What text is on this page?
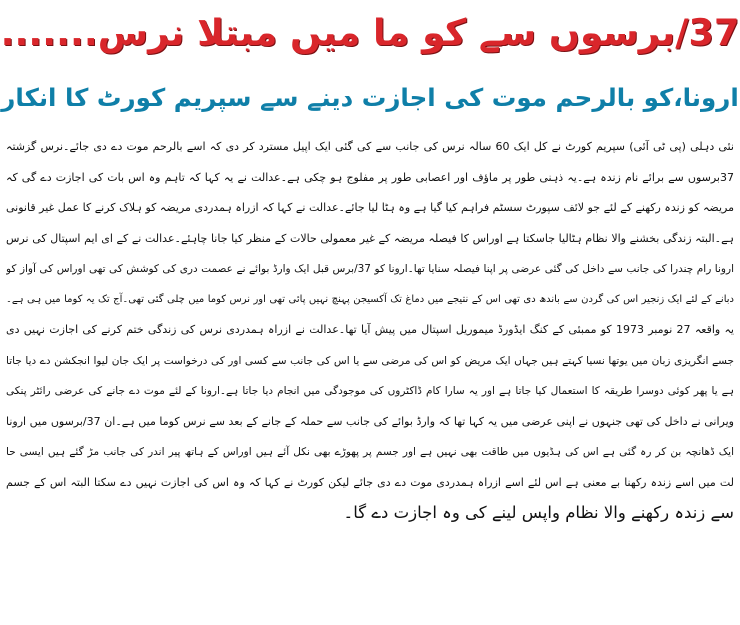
37/برسوں سے کو ما میں مبتلا نرس.......
ارونا،کو بالرحم موت کی اجازت دینے سے سپریم کورٹ کا انکار
نئی دہلی (پی ٹی آئی) سپریم کورٹ نے کل ایک 60 سالہ نرس کی جانب سے کی گئی ایک اپیل مسترد کر دی کہ اسے بالرحم موت دے دی جائے۔نرس گزشتہ
37برسوں سے برائے نام زندہ ہے۔یہ ذہنی طور پر ماؤف اور اعصابی طور پر مفلوج ہو چکی ہے۔عدالت نے یہ کہا کہ تاہم وہ اس بات کی اجازت دے گی کہ
مریضہ کو زندہ رکھنے کے لئے جو لائف سپورٹ سسٹم فراہم کیا گیا ہے وہ ہٹا لیا جائے۔عدالت نے کہا کہ ازراہ ہمدردی مریضہ کو ہلاک کرنے کا عمل غیر قانونی
ہے۔البتہ زندگی بخشنے والا نظام ہٹالیا جاسکتا ہے اوراس کا فیصلہ مریضہ کے غیر معمولی حالات کے منظر کیا جانا چاہئے۔عدالت نے کے ای ایم اسپتال کی نرس
ارونا رام چندرا کی جانب سے داخل کی گئی عرضی پر اپنا فیصلہ سنایا تھا۔ارونا کو 37/برس قبل ایک وارڈ بوائے نے عصمت دری کی کوشش کی تھی اوراس کی آواز کو
دبانے کے لئے ایک زنجیر اس کی گردن سے باندھ دی تھی اس کے نتیجے میں دماغ تک آکسیجن پہنچ نہیں پائی تھی اور نرس کوما میں چلی گئی تھی۔آج تک یہ کوما میں ہی ہے۔
یہ واقعہ 27 نومبر 1973 کو ممبئی کے کنگ ایڈورڈ میموریل اسپتال میں پیش آیا تھا۔عدالت نے ازراہ ہمدردی نرس کی زندگی ختم کرنے کی اجازت نہیں دی
جسے انگریزی زبان میں یوتھا نسیا کہتے ہیں جہاں ایک مریض کو اس کی مرضی سے یا اس کی جانب سے کسی اور کی درخواست پر ایک جان لیوا انجکشن دے دیا جاتا
ہے یا پھر کوئی دوسرا طریقہ کا استعمال کیا جاتا ہے اور یہ سارا کام ڈاکٹروں کی موجودگی میں انجام دیا جاتا ہے۔ارونا کے لئے موت دے جانے کی عرضی رائٹر پنکی
ویرانی نے داخل کی تھی جنہوں نے اپنی عرضی میں یہ کہا تھا کہ وارڈ بوائے کی جانب سے حملہ کے جانے کے بعد سے نرس کوما میں ہے۔ان 37/برسوں میں ارونا
ایک ڈھانچہ بن کر رہ گئی ہے اس کی ہڈیوں میں طاقت بھی نہیں ہے اور جسم پر پھوڑے بھی نکل آئے ہیں اوراس کے ہاتھ پیر اندر کی جانب مڑ گئے ہیں ایسی حا
لت میں اسے زندہ رکھنا بے معنی ہے اس لئے اسے ازراہ ہمدردی موت دے دی جائے لیکن کورٹ نے کہا کہ وہ اس کی اجازت نہیں دے سکتا البتہ اس کے جسم
سے زندہ رکھنے والا نظام واپس لینے کی وہ اجازت دے گا۔
